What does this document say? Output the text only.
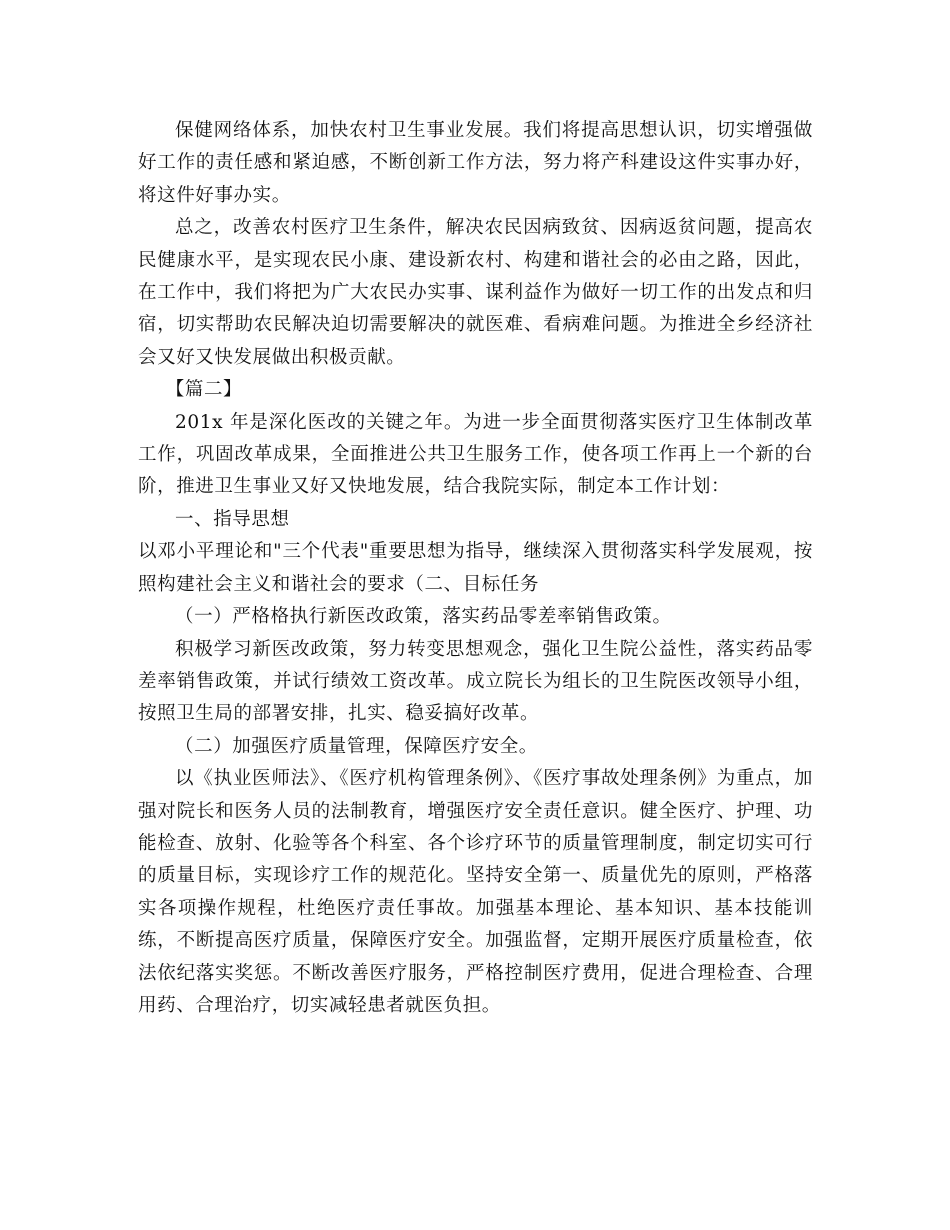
保健网络体系，加快农村卫生事业发展。我们将提高思想认识，切实增强做好工作的责任感和紧迫感，不断创新工作方法，努力将产科建设这件实事办好，将这件好事办实。

总之，改善农村医疗卫生条件，解决农民因病致贫、因病返贫问题，提高农民健康水平，是实现农民小康、建设新农村、构建和谐社会的必由之路，因此，在工作中，我们将把为广大农民办实事、谋利益作为做好一切工作的出发点和归宿，切实帮助农民解决迫切需要解决的就医难、看病难问题。为推进全乡经济社会又好又快发展做出积极贡献。

【篇二】

201x 年是深化医改的关键之年。为进一步全面贯彻落实医疗卫生体制改革工作，巩固改革成果，全面推进公共卫生服务工作，使各项工作再上一个新的台阶，推进卫生事业又好又快地发展，结合我院实际，制定本工作计划：

一、指导思想

以邓小平理论和"三个代表"重要思想为指导，继续深入贯彻落实科学发展观，按照构建社会主义和谐社会的要求（二、目标任务

（一）严格格执行新医改政策，落实药品零差率销售政策。

积极学习新医改政策，努力转变思想观念，强化卫生院公益性，落实药品零差率销售政策，并试行绩效工资改革。成立院长为组长的卫生院医改领导小组，按照卫生局的部署安排，扎实、稳妥搞好改革。

（二）加强医疗质量管理，保障医疗安全。

以《执业医师法》、《医疗机构管理条例》、《医疗事故处理条例》为重点，加强对院长和医务人员的法制教育，增强医疗安全责任意识。健全医疗、护理、功能检查、放射、化验等各个科室、各个诊疗环节的质量管理制度，制定切实可行的质量目标，实现诊疗工作的规范化。坚持安全第一、质量优先的原则，严格落实各项操作规程，杜绝医疗责任事故。加强基本理论、基本知识、基本技能训练，不断提高医疗质量，保障医疗安全。加强监督，定期开展医疗质量检查，依法依纪落实奖惩。不断改善医疗服务，严格控制医疗费用，促进合理检查、合理用药、合理治疗，切实减轻患者就医负担。
